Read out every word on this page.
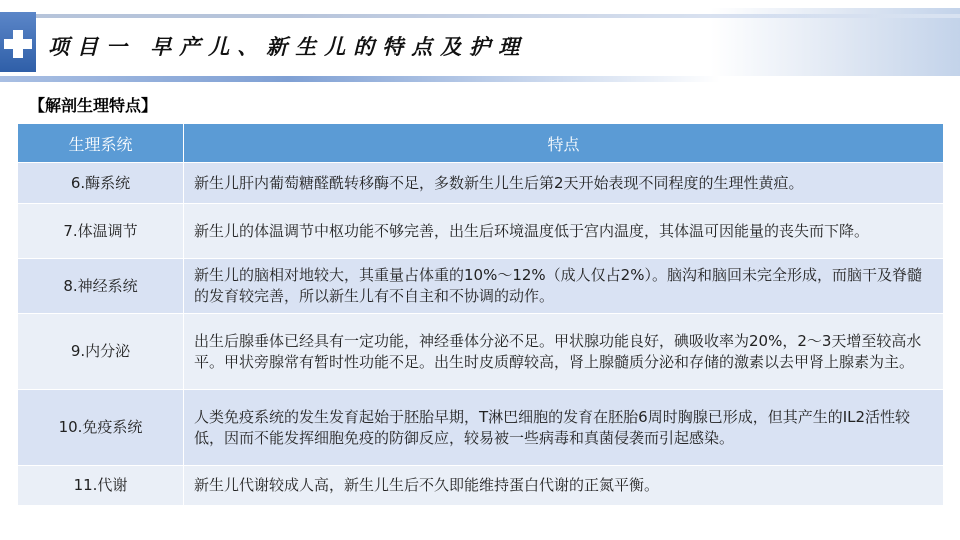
项目一 早产儿、新生儿的特点及护理
【解剖生理特点】
生理系统	特点
6.酶系统	新生儿肝内葡萄糖醛酰转移酶不足，多数新生儿生后第2天开始表现不同程度的生理性黄疸。
7.体温调节	新生儿的体温调节中枢功能不够完善，出生后环境温度低于宫内温度，其体温可因能量的丧失而下降。
8.神经系统	新生儿的脑相对地较大，其重量占体重的10%～12%（成人仅占2%）。脑沟和脑回未完全形成，而脑干及脊髓的发育较完善，所以新生儿有不自主和不协调的动作。
9.内分泌	出生后腺垂体已经具有一定功能，神经垂体分泌不足。甲状腺功能良好，碘吸收率为20%，2～3天增至较高水平。甲状旁腺常有暂时性功能不足。出生时皮质醇较高，肾上腺髓质分泌和存储的激素以去甲肾上腺素为主。
10.免疫系统	人类免疫系统的发生发育起始于胚胎早期，T淋巴细胞的发育在胚胎6周时胸腺已形成，但其产生的IL2活性较低，因而不能发挥细胞免疫的防御反应，较易被一些病毒和真菌侵袭而引起感染。
11.代谢	新生儿代谢较成人高，新生儿生后不久即能维持蛋白代谢的正氮平衡。
